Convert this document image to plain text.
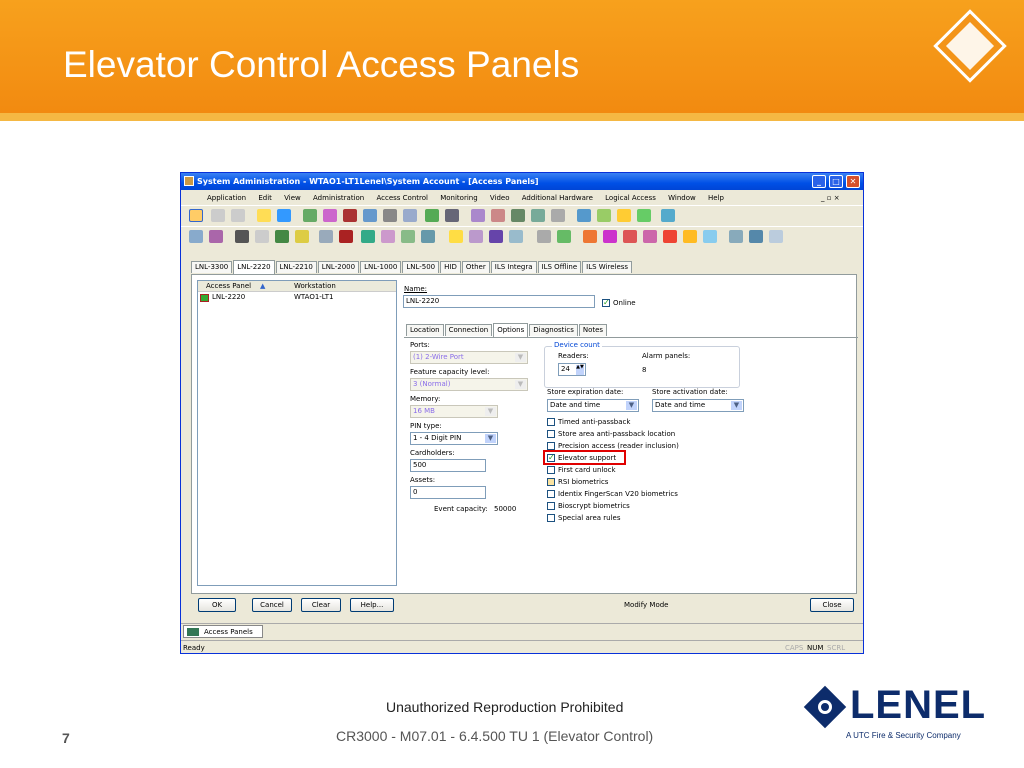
Elevator Control Access Panels
System Administration - WTAO1-LT1Lenel\System Account - [Access Panels]	_	□	✕
Application Edit View Administration Access Control Monitoring Video Additional Hardware Logical Access Window Help	_ ▫ ×
LNL-3300 LNL-2220 LNL-2210 LNL-2000 LNL-1000 LNL-500 HID Other ILS Integra ILS Offline ILS Wireless
Access Panel ▲	Workstation
LNL-2220	WTAO1-LT1
Name:
LNL-2220
✓	Online
Location Connection Options Diagnostics Notes
Ports:
(1) 2-Wire Port	▼
Feature capacity level:
3 (Normal)	▼
Memory:
16 MB	▼
PIN type:
1 - 4 Digit PIN	▼
Cardholders:
500
Assets:
0
Event capacity: 50000
Device count
Readers:
24 ▲▼
Alarm panels:
8
Store expiration date:
Date and time	▼
Store activation date:
Date and time	▼
Timed anti-passback
Store area anti-passback location
Precision access (reader inclusion)
✓Elevator support
First card unlock
RSI biometrics
Identix FingerScan V20 biometrics
Bioscrypt biometrics
Special area rules
OK	Cancel	Clear	Help...	Modify Mode	Close
Access Panels
Ready	CAPS NUM SCRL
Unauthorized Reproduction Prohibited
CR3000 - M07.01 - 6.4.500 TU 1 (Elevator Control)
7
LENEL
A UTC Fire & Security Company
